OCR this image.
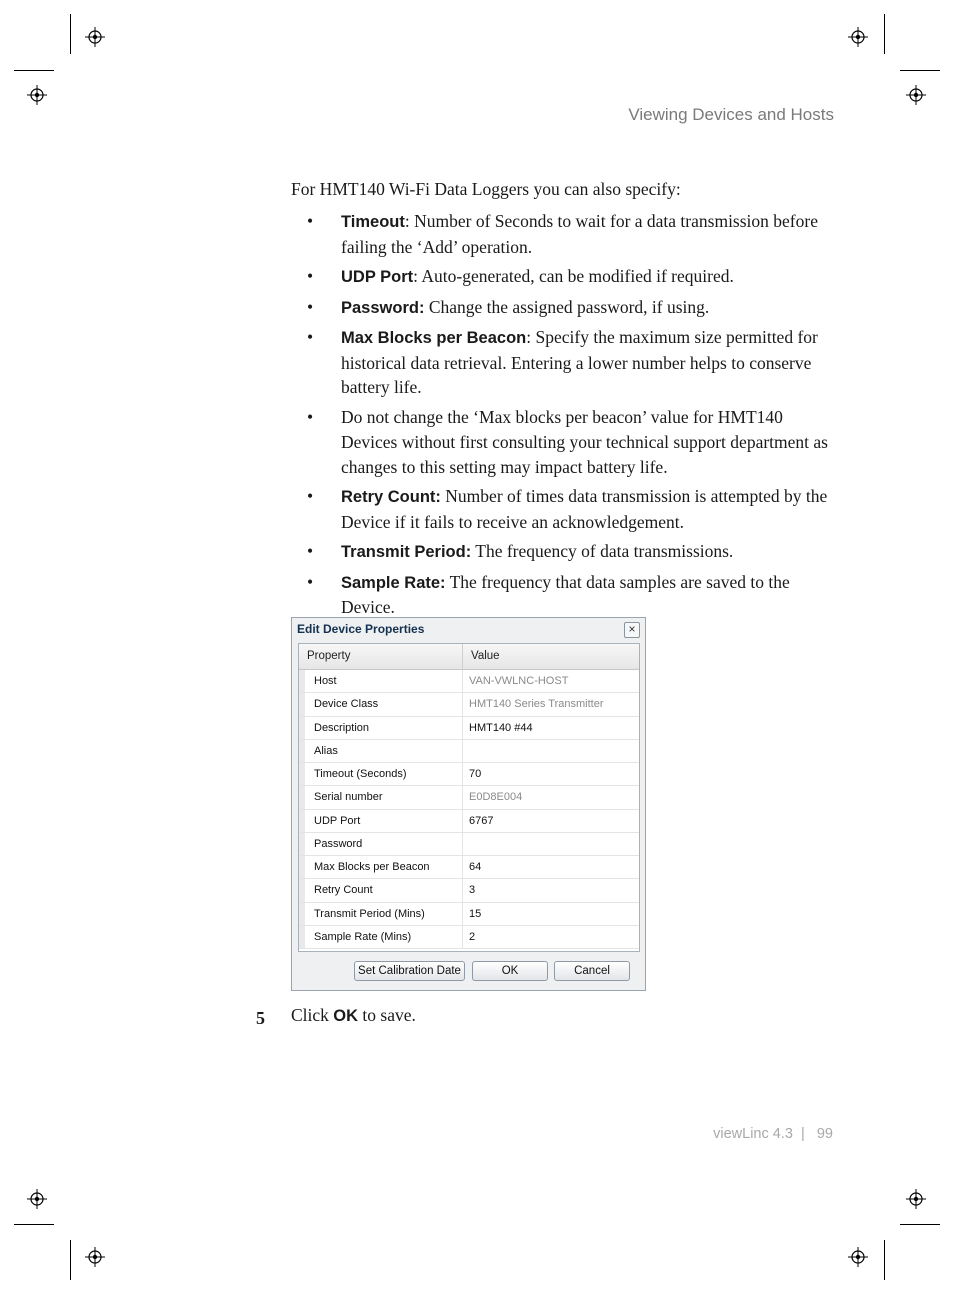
Viewing Devices and Hosts
For HMT140 Wi-Fi Data Loggers you can also specify:
• Timeout: Number of Seconds to wait for a data transmission before failing the ‘Add’ operation.
• UDP Port: Auto-generated, can be modified if required.
• Password: Change the assigned password, if using.
• Max Blocks per Beacon: Specify the maximum size permitted for historical data retrieval. Entering a lower number helps to conserve battery life.
• Do not change the ‘Max blocks per beacon’ value for HMT140 Devices without first consulting your technical support department as changes to this setting may impact battery life.
• Retry Count: Number of times data transmission is attempted by the Device if it fails to receive an acknowledgement.
• Transmit Period: The frequency of data transmissions.
• Sample Rate: The frequency that data samples are saved to the Device.
Edit Device Properties	×
Property	Value
Host	VAN-VWLNC-HOST
Device Class	HMT140 Series Transmitter
Description	HMT140 #44
Alias
Timeout (Seconds)	70
Serial number	E0D8E004
UDP Port	6767
Password
Max Blocks per Beacon	64
Retry Count	3
Transmit Period (Mins)	15
Sample Rate (Mins)	2
Set Calibration Date	OK	Cancel
5 Click OK to save.
viewLinc 4.3 | 99
